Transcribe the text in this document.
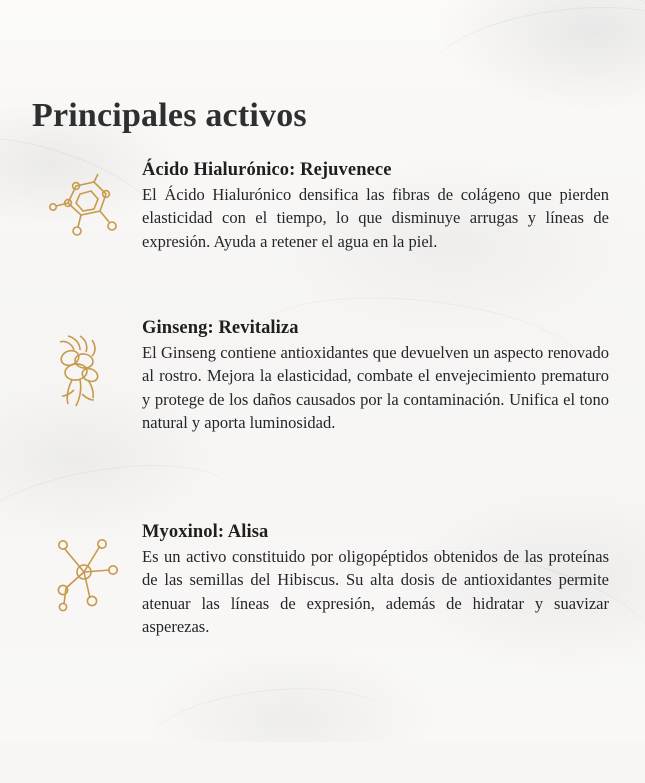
Principales activos
Ácido Hialurónico: Rejuvenece

El Ácido Hialurónico densifica las fibras de colágeno que pierden elasticidad con el tiempo, lo que disminuye arrugas y líneas de expresión. Ayuda a retener el agua en la piel.

Ginseng: Revitaliza

El Ginseng contiene antioxidantes que devuelven un aspecto renovado al rostro. Mejora la elasticidad, combate el envejecimiento prematuro y protege de los daños causados por la contaminación. Unifica el tono natural y aporta luminosidad.

Myoxinol: Alisa

Es un activo constituido por oligopéptidos obtenidos de las proteínas de las semillas del Hibiscus. Su alta dosis de antioxidantes permite atenuar las líneas de expresión, además de hidratar y suavizar asperezas.
